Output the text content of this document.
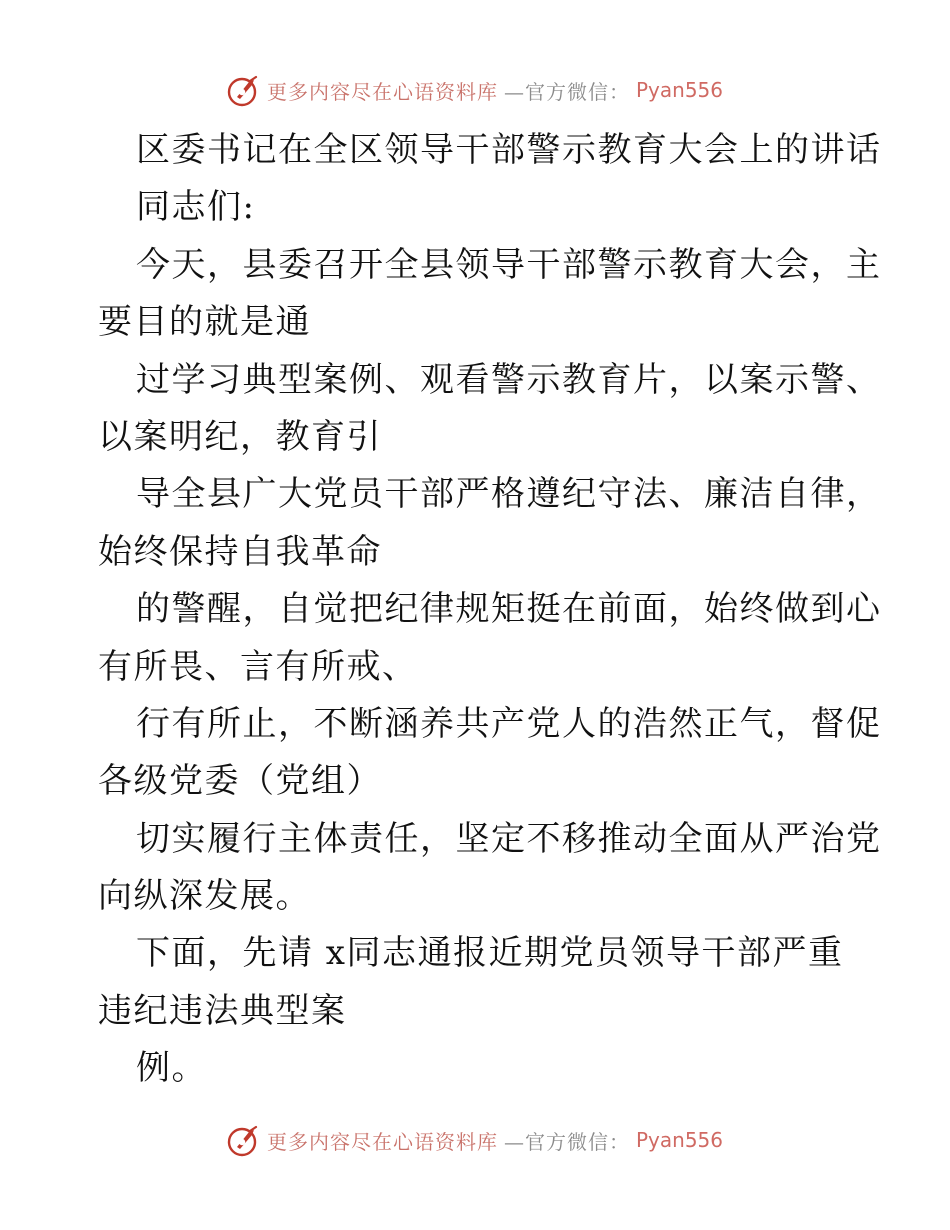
更多内容尽在心语资料库 —官方微信： Pyan556
区委书记在全区领导干部警示教育大会上的讲话
同志们:
今天，县委召开全县领导干部警示教育大会，主
要目的就是通
过学习典型案例、观看警示教育片，以案示警、
以案明纪，教育引
导全县广大党员干部严格遵纪守法、廉洁自律，
始终保持自我革命
的警醒，自觉把纪律规矩挺在前面，始终做到心
有所畏、言有所戒、
行有所止，不断涵养共产党人的浩然正气，督促
各级党委（党组）
切实履行主体责任，坚定不移推动全面从严治党
向纵深发展。
下面，先请 x同志通报近期党员领导干部严重
违纪违法典型案
例。
更多内容尽在心语资料库 —官方微信： Pyan556
